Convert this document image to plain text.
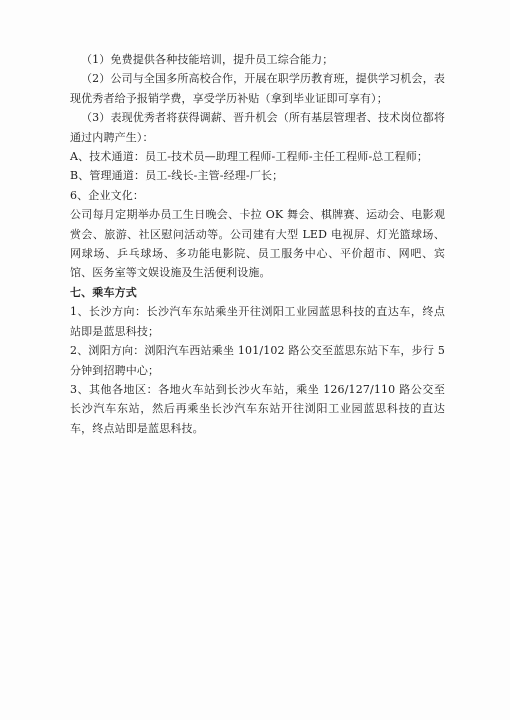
（1）免费提供各种技能培训，提升员工综合能力；

（2）公司与全国多所高校合作，开展在职学历教育班，提供学习机会，表现优秀者给予报销学费，享受学历补贴（拿到毕业证即可享有）；

（3）表现优秀者将获得调薪、晋升机会（所有基层管理者、技术岗位都将通过内聘产生）：

A、技术通道：员工-技术员—助理工程师-工程师-主任工程师-总工程师；

B、管理通道：员工-线长-主管-经理-厂长；

6、企业文化：

公司每月定期举办员工生日晚会、卡拉 OK 舞会、棋牌赛、运动会、电影观赏会、旅游、社区慰问活动等。公司建有大型 LED 电视屏、灯光篮球场、网球场、乒乓球场、多功能电影院、员工服务中心、平价超市、网吧、宾馆、医务室等文娱设施及生活便利设施。

七、乘车方式

1、长沙方向：长沙汽车东站乘坐开往浏阳工业园蓝思科技的直达车，终点站即是蓝思科技；

2、浏阳方向：浏阳汽车西站乘坐 101/102 路公交至蓝思东站下车，步行 5 分钟到招聘中心；

3、其他各地区：各地火车站到长沙火车站，乘坐 126/127/110 路公交至长沙汽车东站，然后再乘坐长沙汽车东站开往浏阳工业园蓝思科技的直达车，终点站即是蓝思科技。
